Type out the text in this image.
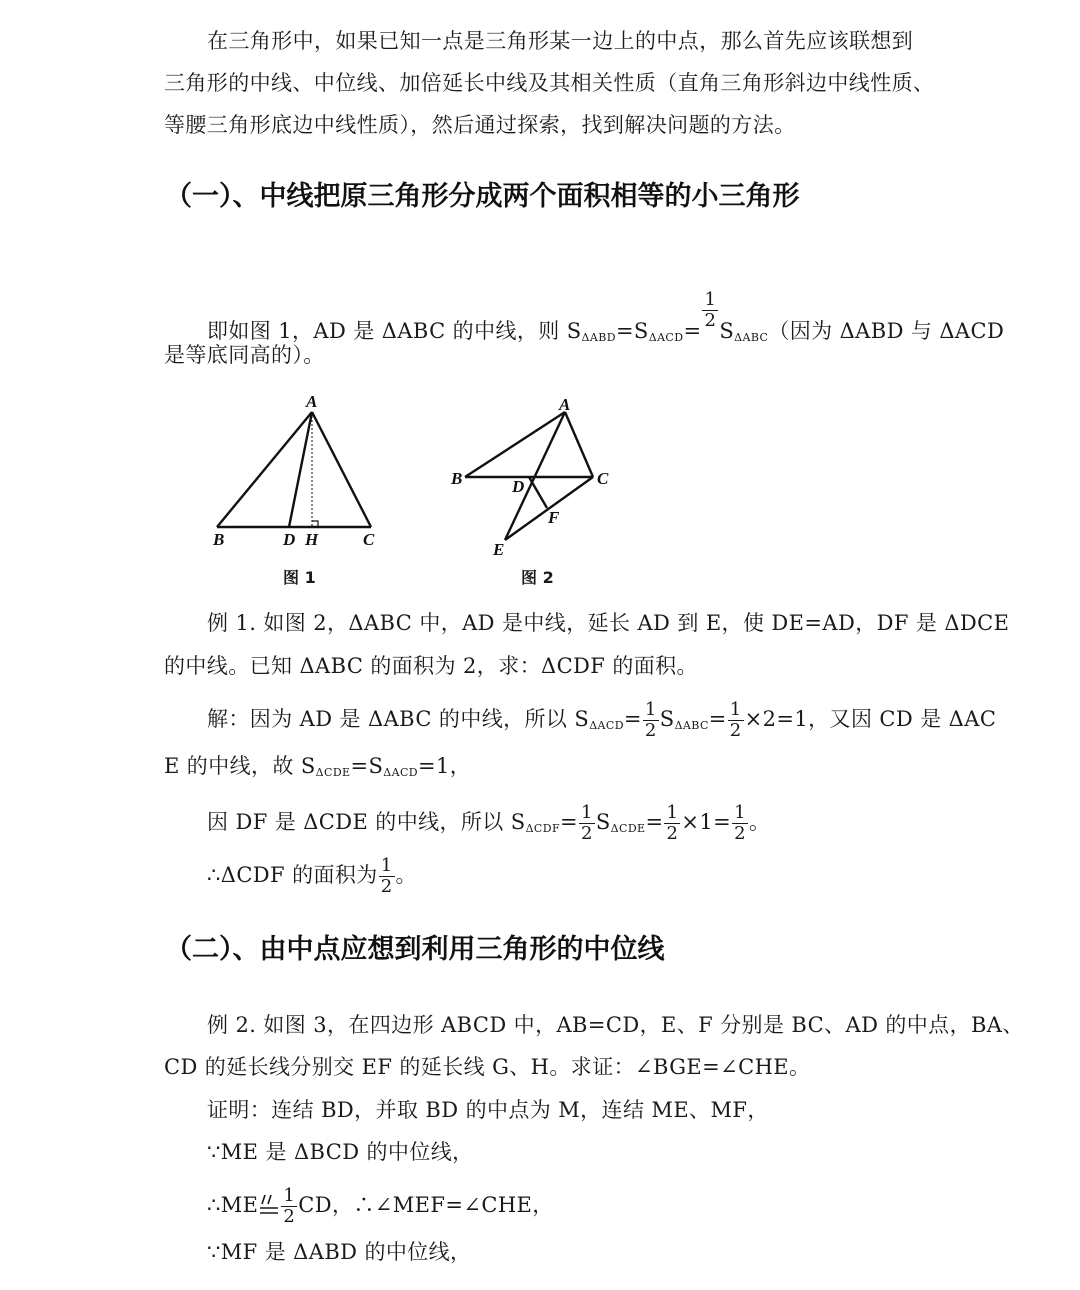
在三角形中，如果已知一点是三角形某一边上的中点，那么首先应该联想到
三角形的中线、中位线、加倍延长中线及其相关性质（直角三角形斜边中线性质、
等腰三角形底边中线性质），然后通过探索，找到解决问题的方法。
（一）、中线把原三角形分成两个面积相等的小三角形
即如图 1，AD 是 ΔABC 的中线，则 $S_{\Delta ABD}=S_{\Delta ACD}= \frac{1}{2} S_{\Delta ABC}$（因为 ΔABD 与 ΔACD
是等底同高的）。
A
B	D H	C
图 1
A
B	C
D
F
E
图 2
例 1. 如图 2，ΔABC 中，AD 是中线，延长 AD 到 E，使 DE=AD，DF 是 ΔDCE
的中线。已知 ΔABC 的面积为 2，求：ΔCDF 的面积。
解：因为 AD 是 ΔABC 的中线，所以 $S_{\Delta ACD}= \frac{1}{2} S_{\Delta ABC}= \frac{1}{2} \times 2=1$，又因 CD 是 ΔAC
E 的中线，故 $S_{\Delta CDE}=S_{\Delta ACD}=1$，
因 DF 是 ΔCDE 的中线，所以 $S_{\Delta CDF}= \frac{1}{2} S_{\Delta CDE}= \frac{1}{2} \times 1= \frac{1}{2}$ 。
∴ΔCDF 的面积为 $\frac{1}{2}$ 。
（二）、由中点应想到利用三角形的中位线
例 2. 如图 3，在四边形 ABCD 中，AB=CD，E、F 分别是 BC、AD 的中点，BA、
CD 的延长线分别交 EF 的延长线 G、H。求证：∠BGE=∠CHE。
证明：连结 BD，并取 BD 的中点为 M，连结 ME、MF，
∵ME 是 ΔBCD 的中位线，
∴ME $\frac{1}{2}$ CD，∴∠MEF=∠CHE，
∵MF 是 ΔABD 的中位线，
